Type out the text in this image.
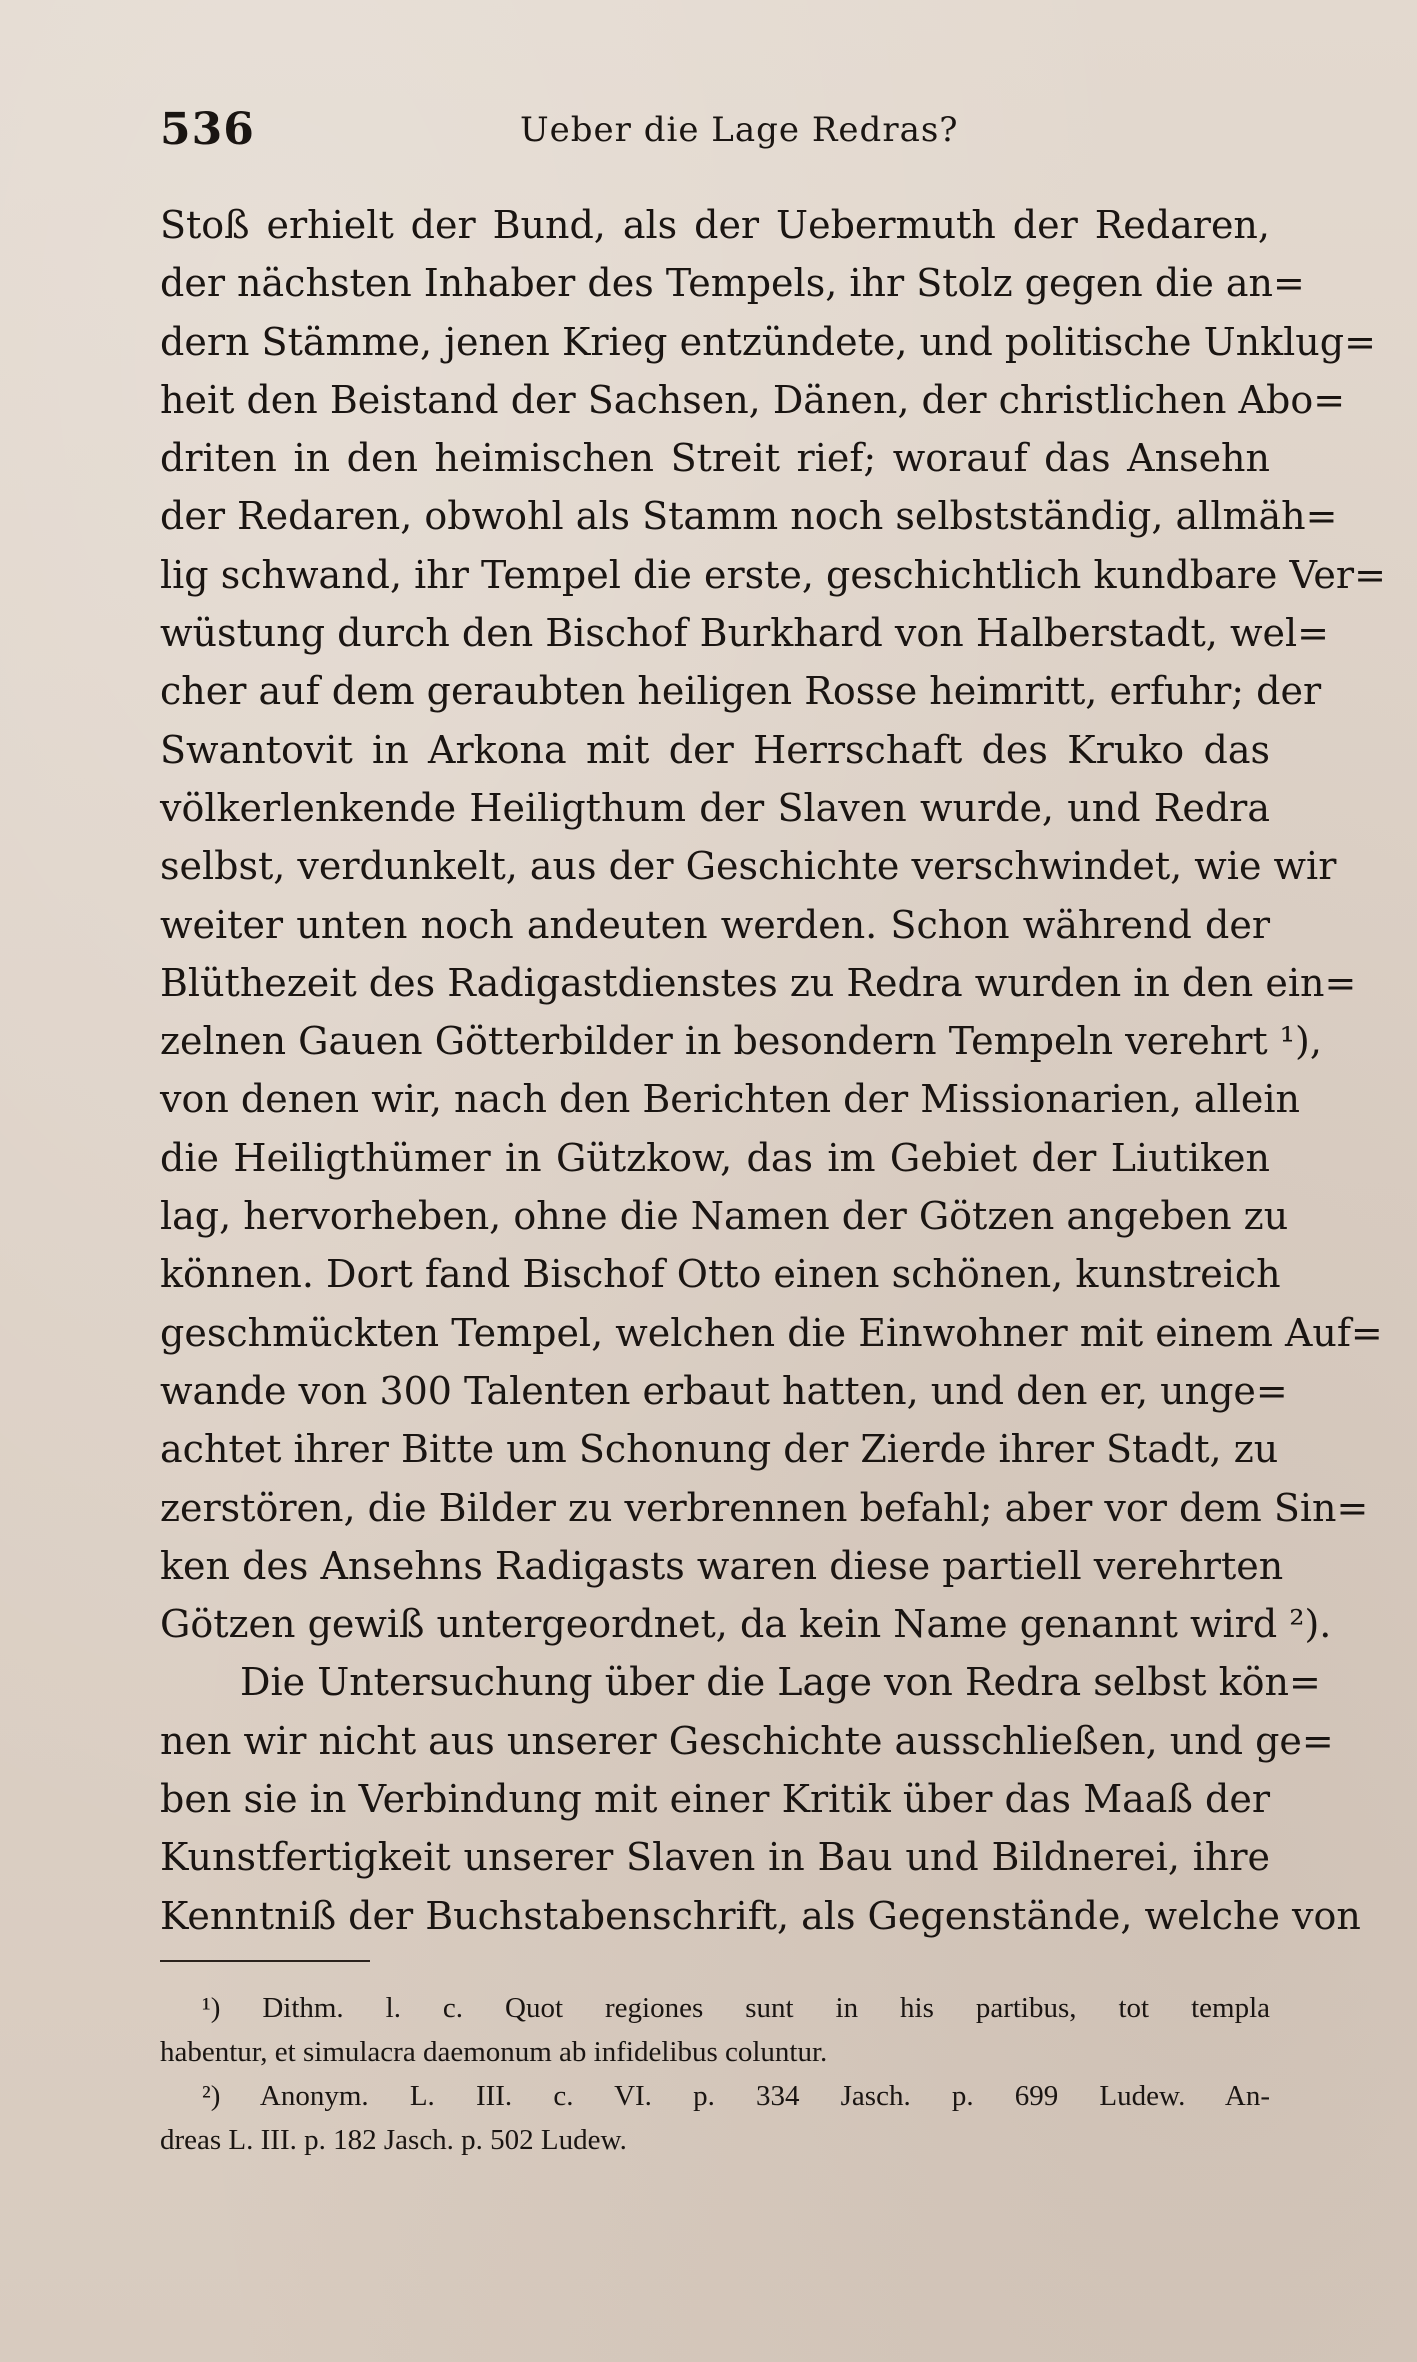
536	Ueber die Lage Redras?
Stoß erhielt der Bund, als der Uebermuth der Redaren,
der nächsten Inhaber des Tempels, ihr Stolz gegen die an=
dern Stämme, jenen Krieg entzündete, und politische Unklug=
heit den Beistand der Sachsen, Dänen, der christlichen Abo=
driten in den heimischen Streit rief; worauf das Ansehn
der Redaren, obwohl als Stamm noch selbstständig, allmäh=
lig schwand, ihr Tempel die erste, geschichtlich kundbare Ver=
wüstung durch den Bischof Burkhard von Halberstadt, wel=
cher auf dem geraubten heiligen Rosse heimritt, erfuhr; der
Swantovit in Arkona mit der Herrschaft des Kruko das
völkerlenkende Heiligthum der Slaven wurde, und Redra
selbst, verdunkelt, aus der Geschichte verschwindet, wie wir
weiter unten noch andeuten werden. Schon während der
Blüthezeit des Radigastdienstes zu Redra wurden in den ein=
zelnen Gauen Götterbilder in besondern Tempeln verehrt ¹),
von denen wir, nach den Berichten der Missionarien, allein
die Heiligthümer in Gützkow, das im Gebiet der Liutiken
lag, hervorheben, ohne die Namen der Götzen angeben zu
können. Dort fand Bischof Otto einen schönen, kunstreich
geschmückten Tempel, welchen die Einwohner mit einem Auf=
wande von 300 Talenten erbaut hatten, und den er, unge=
achtet ihrer Bitte um Schonung der Zierde ihrer Stadt, zu
zerstören, die Bilder zu verbrennen befahl; aber vor dem Sin=
ken des Ansehns Radigasts waren diese partiell verehrten
Götzen gewiß untergeordnet, da kein Name genannt wird ²).
Die Untersuchung über die Lage von Redra selbst kön=
nen wir nicht aus unserer Geschichte ausschließen, und ge=
ben sie in Verbindung mit einer Kritik über das Maaß der
Kunstfertigkeit unserer Slaven in Bau und Bildnerei, ihre
Kenntniß der Buchstabenschrift, als Gegenstände, welche von
¹) Dithm. l. c. Quot regiones sunt in his partibus, tot templa
habentur, et simulacra daemonum ab infidelibus coluntur.
²) Anonym. L. III. c. VI. p. 334 Jasch. p. 699 Ludew. An-
dreas L. III. p. 182 Jasch. p. 502 Ludew.
